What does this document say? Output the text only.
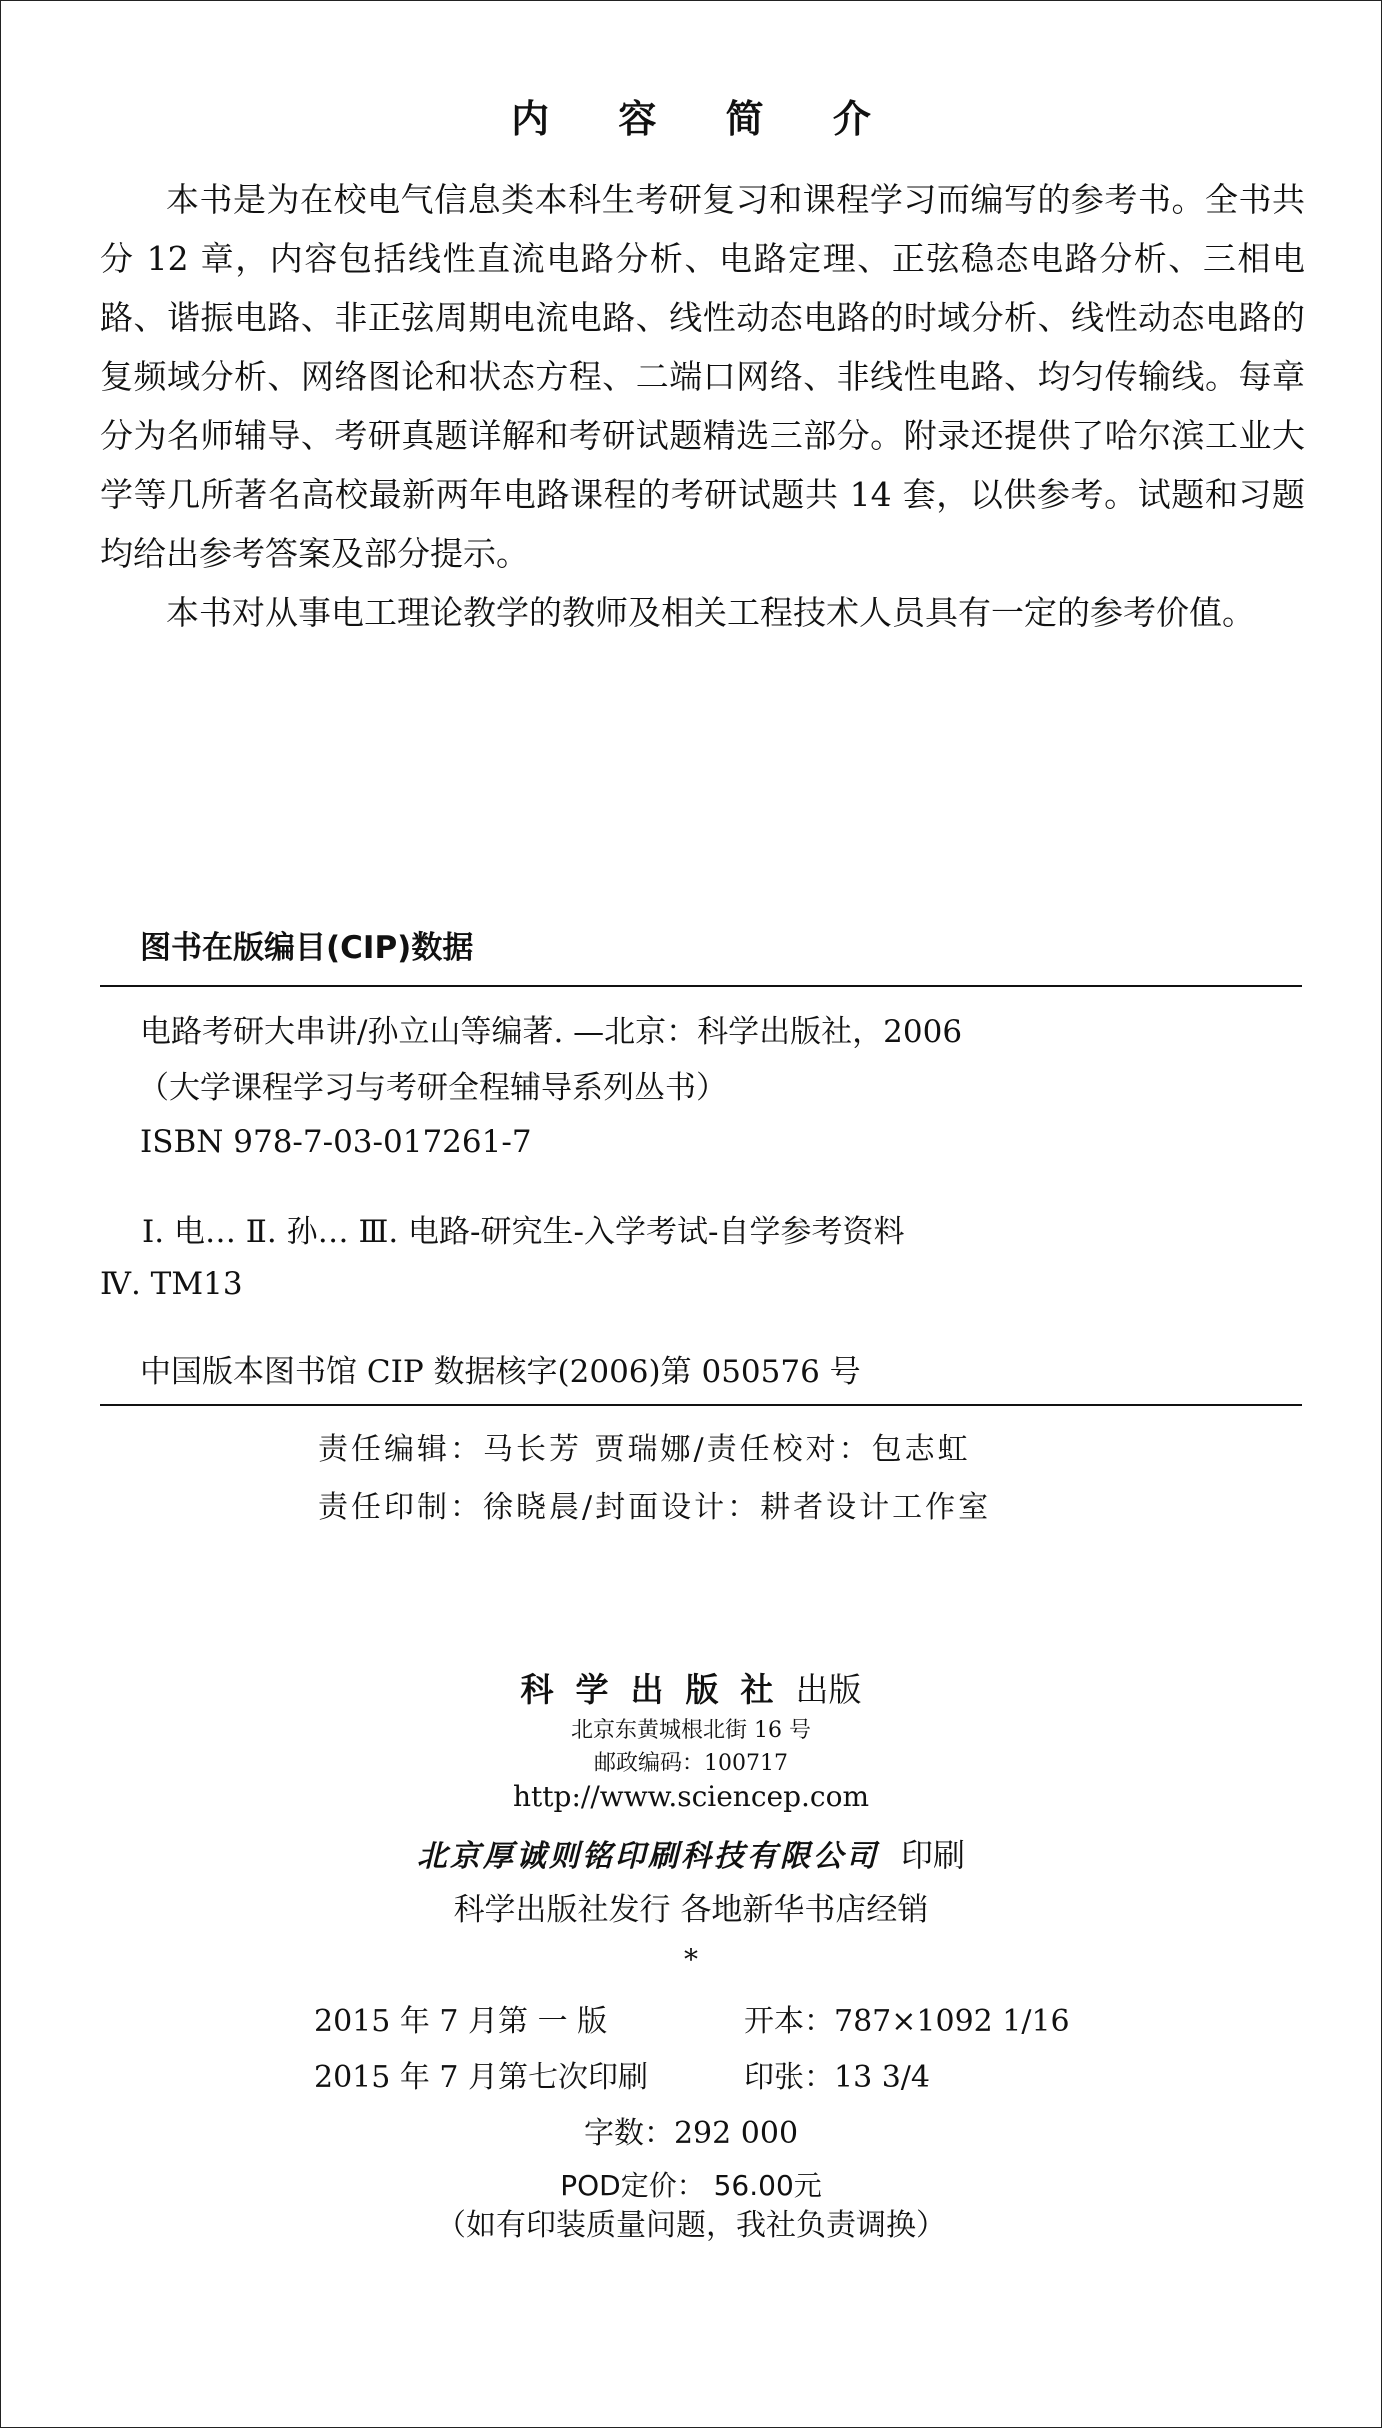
内 容 简 介

本书是为在校电气信息类本科生考研复习和课程学习而编写的参考书。全书共分 12 章，内容包括线性直流电路分析、电路定理、正弦稳态电路分析、三相电路、谐振电路、非正弦周期电流电路、线性动态电路的时域分析、线性动态电路的复频域分析、网络图论和状态方程、二端口网络、非线性电路、均匀传输线。每章分为名师辅导、考研真题详解和考研试题精选三部分。附录还提供了哈尔滨工业大学等几所著名高校最新两年电路课程的考研试题共 14 套，以供参考。试题和习题均给出参考答案及部分提示。

本书对从事电工理论教学的教师及相关工程技术人员具有一定的参考价值。

图书在版编目(CIP)数据
电路考研大串讲/孙立山等编著. —北京：科学出版社，2006
（大学课程学习与考研全程辅导系列丛书）
ISBN 978-7-03-017261-7
Ⅰ. 电… Ⅱ. 孙… Ⅲ. 电路-研究生-入学考试-自学参考资料
Ⅳ. TM13
中国版本图书馆 CIP 数据核字(2006)第 050576 号
责任编辑：马长芳 贾瑞娜/责任校对：包志虹
责任印制：徐晓晨/封面设计：耕者设计工作室
科学出版社出版
北京东黄城根北街 16 号
邮政编码：100717
http://www.sciencep.com
北京厚诚则铭印刷科技有限公司 印刷
科学出版社发行 各地新华书店经销
*
2015 年 7 月第 一 版	开本：787×1092 1/16
2015 年 7 月第七次印刷	印张：13 3/4
字数：292 000
POD定价： 56.00元
（如有印装质量问题，我社负责调换）
